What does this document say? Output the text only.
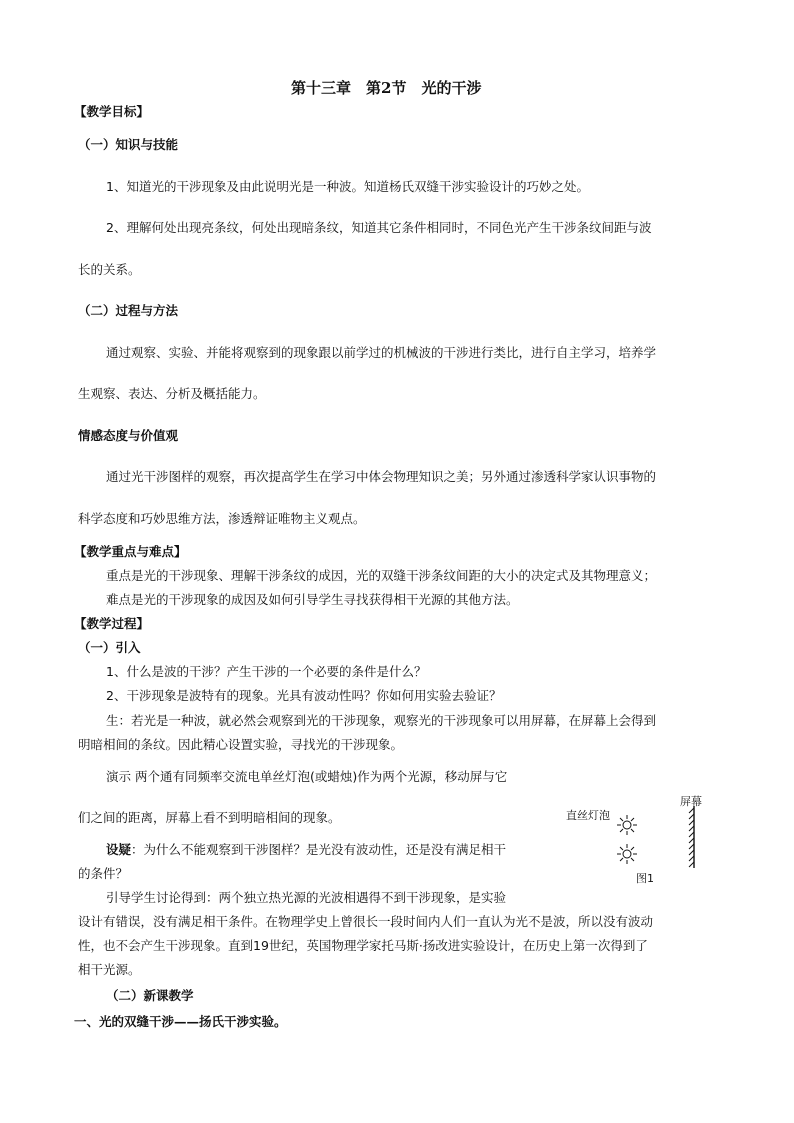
第十三章　第2节　光的干涉
【教学目标】
（一）知识与技能
1、知道光的干涉现象及由此说明光是一种波。知道杨氏双缝干涉实验设计的巧妙之处。
2、理解何处出现亮条纹，何处出现暗条纹，知道其它条件相同时，不同色光产生干涉条纹间距与波
长的关系。
（二）过程与方法
通过观察、实验、并能将观察到的现象跟以前学过的机械波的干涉进行类比，进行自主学习，培养学
生观察、表达、分析及概括能力。
情感态度与价值观
通过光干涉图样的观察，再次提高学生在学习中体会物理知识之美；另外通过渗透科学家认识事物的
科学态度和巧妙思维方法，渗透辩证唯物主义观点。
【教学重点与难点】
重点是光的干涉现象、理解干涉条纹的成因，光的双缝干涉条纹间距的大小的决定式及其物理意义；
难点是光的干涉现象的成因及如何引导学生寻找获得相干光源的其他方法。
【教学过程】
（一）引入
1、什么是波的干涉？产生干涉的一个必要的条件是什么？
2、干涉现象是波特有的现象。光具有波动性吗？你如何用实验去验证？
生：若光是一种波，就必然会观察到光的干涉现象，观察光的干涉现象可以用屏幕，在屏幕上会得到
明暗相间的条纹。因此精心设置实验，寻找光的干涉现象。
演示 两个通有同频率交流电单丝灯泡(或蜡烛)作为两个光源，移动屏与它
们之间的距离，屏幕上看不到明暗相间的现象。
设疑：为什么不能观察到干涉图样？是光没有波动性，还是没有满足相干
的条件？
引导学生讨论得到：两个独立热光源的光波相遇得不到干涉现象，是实验
设计有错误，没有满足相干条件。在物理学史上曾很长一段时间内人们一直认为光不是波，所以没有波动
性，也不会产生干涉现象。直到19世纪，英国物理学家托马斯·扬改进实验设计，在历史上第一次得到了
相干光源。
（二）新课教学
一、光的双缝干涉——扬氏干涉实验。
屏幕
直丝灯泡
图1
